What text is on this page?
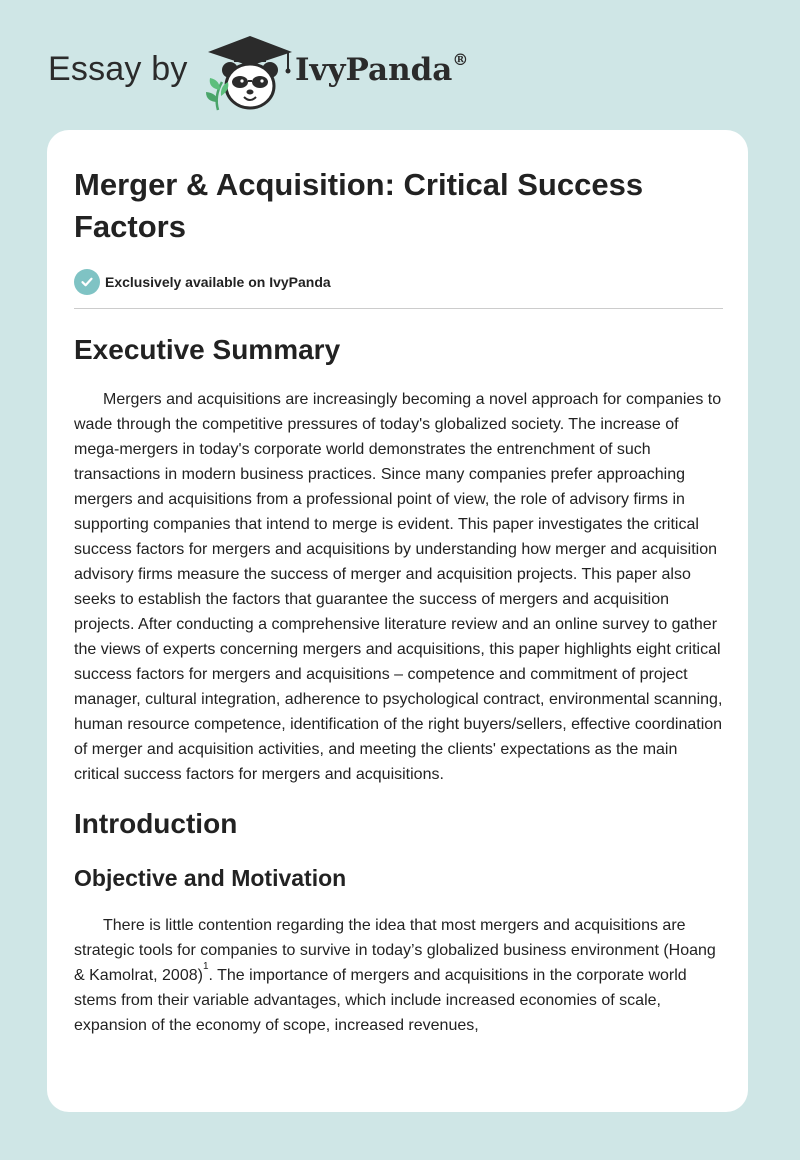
Essay by	IvyPanda®
Merger & Acquisition: Critical Success Factors
Exclusively available on IvyPanda
Executive Summary

Mergers and acquisitions are increasingly becoming a novel approach for companies to wade through the competitive pressures of today's globalized society. The increase of mega-mergers in today's corporate world demonstrates the entrenchment of such transactions in modern business practices. Since many companies prefer approaching mergers and acquisitions from a professional point of view, the role of advisory firms in supporting companies that intend to merge is evident. This paper investigates the critical success factors for mergers and acquisitions by understanding how merger and acquisition advisory firms measure the success of merger and acquisition projects. This paper also seeks to establish the factors that guarantee the success of mergers and acquisition projects. After conducting a comprehensive literature review and an online survey to gather the views of experts concerning mergers and acquisitions, this paper highlights eight critical success factors for mergers and acquisitions – competence and commitment of project manager, cultural integration, adherence to psychological contract, environmental scanning, human resource competence, identification of the right buyers/sellers, effective coordination of merger and acquisition activities, and meeting the clients' expectations as the main critical success factors for mergers and acquisitions.

Introduction
Objective and Motivation

There is little contention regarding the idea that most mergers and acquisitions are strategic tools for companies to survive in today’s globalized business environment (Hoang & Kamolrat, 2008)$^1$. The importance of mergers and acquisitions in the corporate world stems from their variable advantages, which include increased economies of scale, expansion of the economy of scope, increased revenues,
